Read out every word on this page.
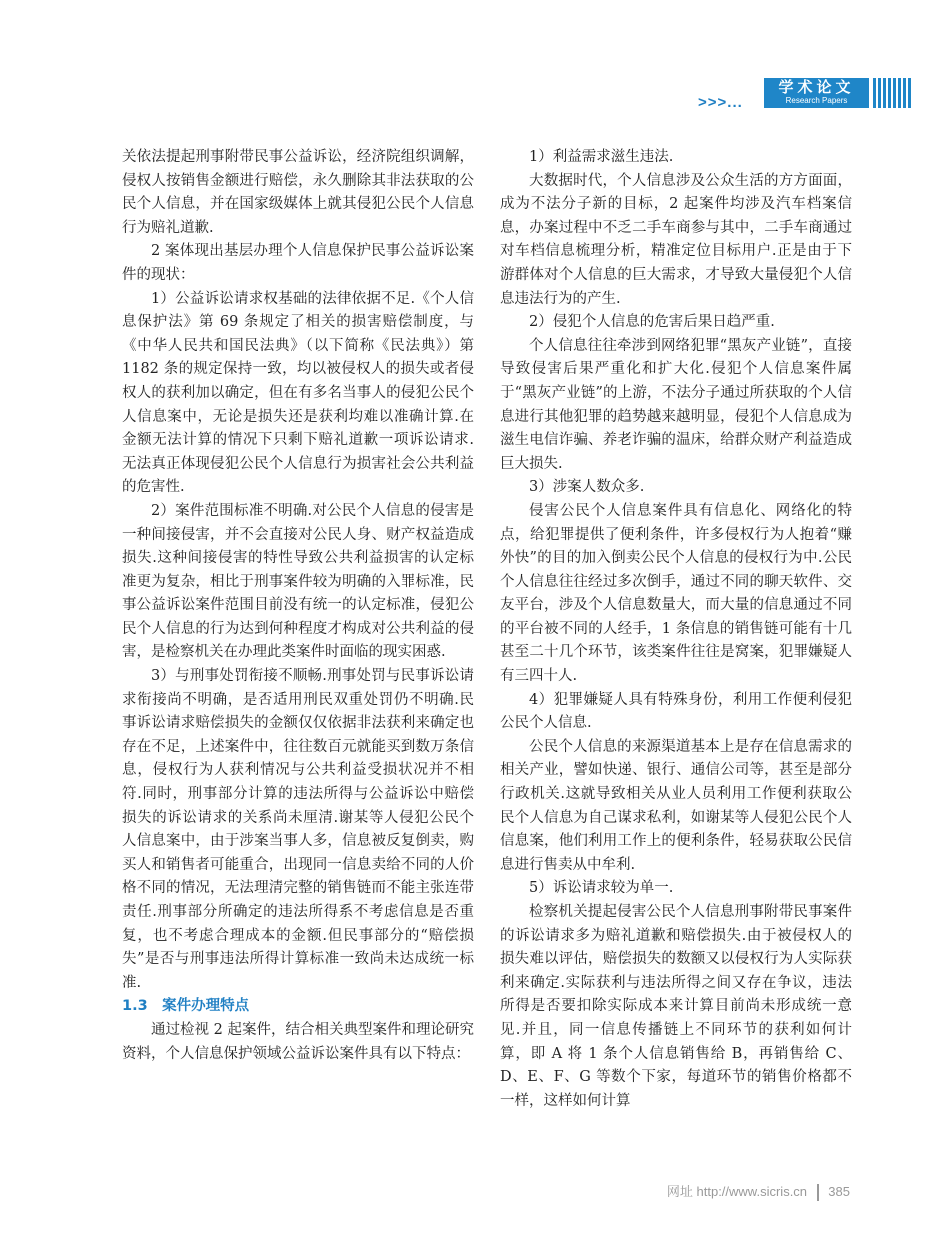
>>>...
学术论文
Research Papers

关依法提起刑事附带民事公益诉讼，经济院组织调解，侵权人按销售金额进行赔偿，永久删除其非法获取的公民个人信息，并在国家级媒体上就其侵犯公民个人信息行为赔礼道歉.

2 案体现出基层办理个人信息保护民事公益诉讼案件的现状：

1）公益诉讼请求权基础的法律依据不足.《个人信息保护法》第 69 条规定了相关的损害赔偿制度，与《中华人民共和国民法典》（以下简称《民法典》）第 1182 条的规定保持一致，均以被侵权人的损失或者侵权人的获利加以确定，但在有多名当事人的侵犯公民个人信息案中，无论是损失还是获利均难以准确计算.在金额无法计算的情况下只剩下赔礼道歉一项诉讼请求.无法真正体现侵犯公民个人信息行为损害社会公共利益的危害性.

2）案件范围标准不明确.对公民个人信息的侵害是一种间接侵害，并不会直接对公民人身、财产权益造成损失.这种间接侵害的特性导致公共利益损害的认定标准更为复杂，相比于刑事案件较为明确的入罪标准，民事公益诉讼案件范围目前没有统一的认定标准，侵犯公民个人信息的行为达到何种程度才构成对公共利益的侵害，是检察机关在办理此类案件时面临的现实困惑.

3）与刑事处罚衔接不顺畅.刑事处罚与民事诉讼请求衔接尚不明确，是否适用刑民双重处罚仍不明确.民事诉讼请求赔偿损失的金额仅仅依据非法获利来确定也存在不足，上述案件中，往往数百元就能买到数万条信息，侵权行为人获利情况与公共利益受损状况并不相符.同时，刑事部分计算的违法所得与公益诉讼中赔偿损失的诉讼请求的关系尚未厘清.谢某等人侵犯公民个人信息案中，由于涉案当事人多，信息被反复倒卖，购买人和销售者可能重合，出现同一信息卖给不同的人价格不同的情况，无法理清完整的销售链而不能主张连带责任.刑事部分所确定的违法所得系不考虑信息是否重复，也不考虑合理成本的金额.但民事部分的“赔偿损失”是否与刑事违法所得计算标准一致尚未达成统一标准.

1.3　案件办理特点

通过检视 2 起案件，结合相关典型案件和理论研究资料，个人信息保护领域公益诉讼案件具有以下特点：

1）利益需求滋生违法.

大数据时代，个人信息涉及公众生活的方方面面，成为不法分子新的目标，2 起案件均涉及汽车档案信息，办案过程中不乏二手车商参与其中，二手车商通过对车档信息梳理分析，精准定位目标用户.正是由于下游群体对个人信息的巨大需求，才导致大量侵犯个人信息违法行为的产生.

2）侵犯个人信息的危害后果日趋严重.

个人信息往往牵涉到网络犯罪“黑灰产业链”，直接导致侵害后果严重化和扩大化.侵犯个人信息案件属于“黑灰产业链”的上游，不法分子通过所获取的个人信息进行其他犯罪的趋势越来越明显，侵犯个人信息成为滋生电信诈骗、养老诈骗的温床，给群众财产利益造成巨大损失.

3）涉案人数众多.

侵害公民个人信息案件具有信息化、网络化的特点，给犯罪提供了便利条件，许多侵权行为人抱着“赚外快”的目的加入倒卖公民个人信息的侵权行为中.公民个人信息往往经过多次倒手，通过不同的聊天软件、交友平台，涉及个人信息数量大，而大量的信息通过不同的平台被不同的人经手，1 条信息的销售链可能有十几甚至二十几个环节，该类案件往往是窝案，犯罪嫌疑人有三四十人.

4）犯罪嫌疑人具有特殊身份，利用工作便利侵犯公民个人信息.

公民个人信息的来源渠道基本上是存在信息需求的相关产业，譬如快递、银行、通信公司等，甚至是部分行政机关.这就导致相关从业人员利用工作便利获取公民个人信息为自己谋求私利，如谢某等人侵犯公民个人信息案，他们利用工作上的便利条件，轻易获取公民信息进行售卖从中牟利.

5）诉讼请求较为单一.

检察机关提起侵害公民个人信息刑事附带民事案件的诉讼请求多为赔礼道歉和赔偿损失.由于被侵权人的损失难以评估，赔偿损失的数额又以侵权行为人实际获利来确定.实际获利与违法所得之间又存在争议，违法所得是否要扣除实际成本来计算目前尚未形成统一意见.并且，同一信息传播链上不同环节的获利如何计算，即 A 将 1 条个人信息销售给 B，再销售给 C、D、E、F、G 等数个下家，每道环节的销售价格都不一样，这样如何计算

网址 http://www.sicris.cn 385
